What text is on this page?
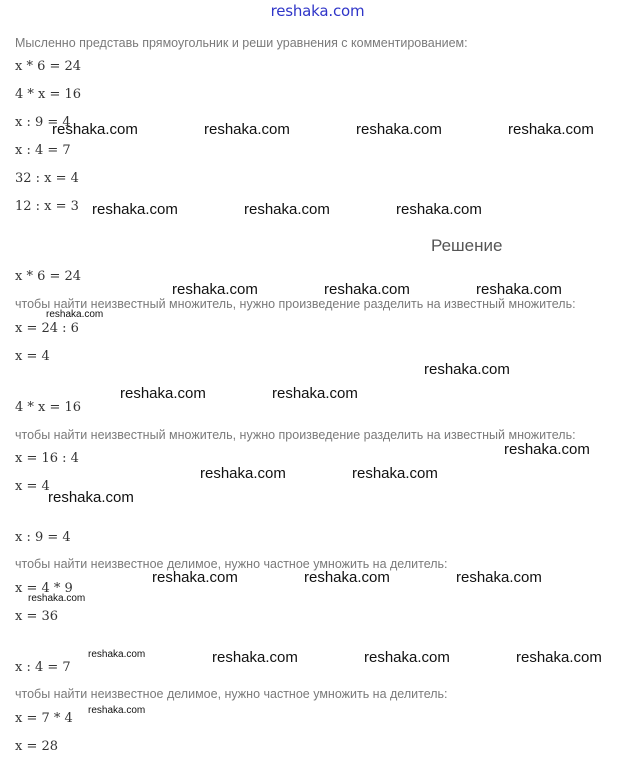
reshaka.com
Мысленно представь прямоугольник и реши уравнения с комментированием:
x * 6 = 24
4 * x = 16
x : 9 = 4
x : 4 = 7
32 : x = 4
12 : x = 3
Решение
x * 6 = 24
чтобы найти неизвестный множитель, нужно произведение разделить на известный множитель:
x = 24 : 6
x = 4
4 * x = 16
чтобы найти неизвестный множитель, нужно произведение разделить на известный множитель:
x = 16 : 4
x = 4
x : 9 = 4
чтобы найти неизвестное делимое, нужно частное умножить на делитель:
x = 4 * 9
x = 36
x : 4 = 7
чтобы найти неизвестное делимое, нужно частное умножить на делитель:
x = 7 * 4
x = 28
reshaka.com	reshaka.com	reshaka.com	reshaka.com
reshaka.com	reshaka.com	reshaka.com
reshaka.com	reshaka.com	reshaka.com
reshaka.com
reshaka.com
reshaka.com	reshaka.com
reshaka.com
reshaka.com	reshaka.com
reshaka.com
reshaka.com	reshaka.com	reshaka.com
reshaka.com
reshaka.com	reshaka.com	reshaka.com	reshaka.com
reshaka.com
